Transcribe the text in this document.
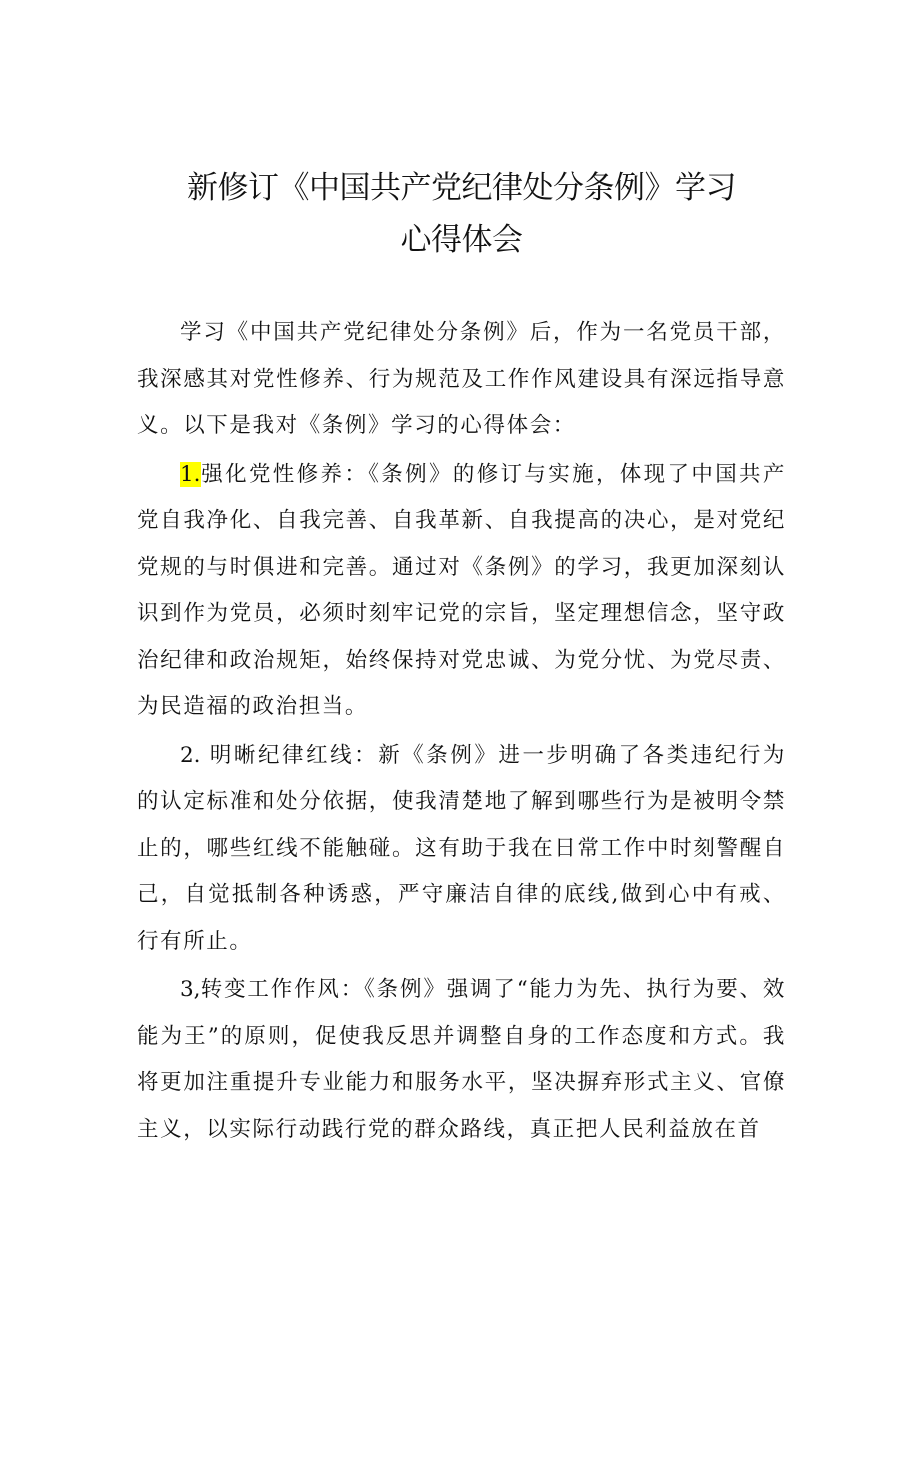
新修订《中国共产党纪律处分条例》学习
心得体会

学习《中国共产党纪律处分条例》后，作为一名党员干部，我深感其对党性修养、行为规范及工作作风建设具有深远指导意义。以下是我对《条例》学习的心得体会：

1.强化党性修养：《条例》的修订与实施，体现了中国共产党自我净化、自我完善、自我革新、自我提高的决心，是对党纪党规的与时俱进和完善。通过对《条例》的学习，我更加深刻认识到作为党员，必须时刻牢记党的宗旨，坚定理想信念，坚守政治纪律和政治规矩，始终保持对党忠诚、为党分忧、为党尽责、为民造福的政治担当。

2. 明晰纪律红线：新《条例》进一步明确了各类违纪行为的认定标准和处分依据，使我清楚地了解到哪些行为是被明令禁止的，哪些红线不能触碰。这有助于我在日常工作中时刻警醒自己，自觉抵制各种诱惑，严守廉洁自律的底线,做到心中有戒、行有所止。

3,转变工作作风：《条例》强调了“能力为先、执行为要、效能为王”的原则，促使我反思并调整自身的工作态度和方式。我将更加注重提升专业能力和服务水平，坚决摒弃形式主义、官僚主义，以实际行动践行党的群众路线，真正把人民利益放在首
